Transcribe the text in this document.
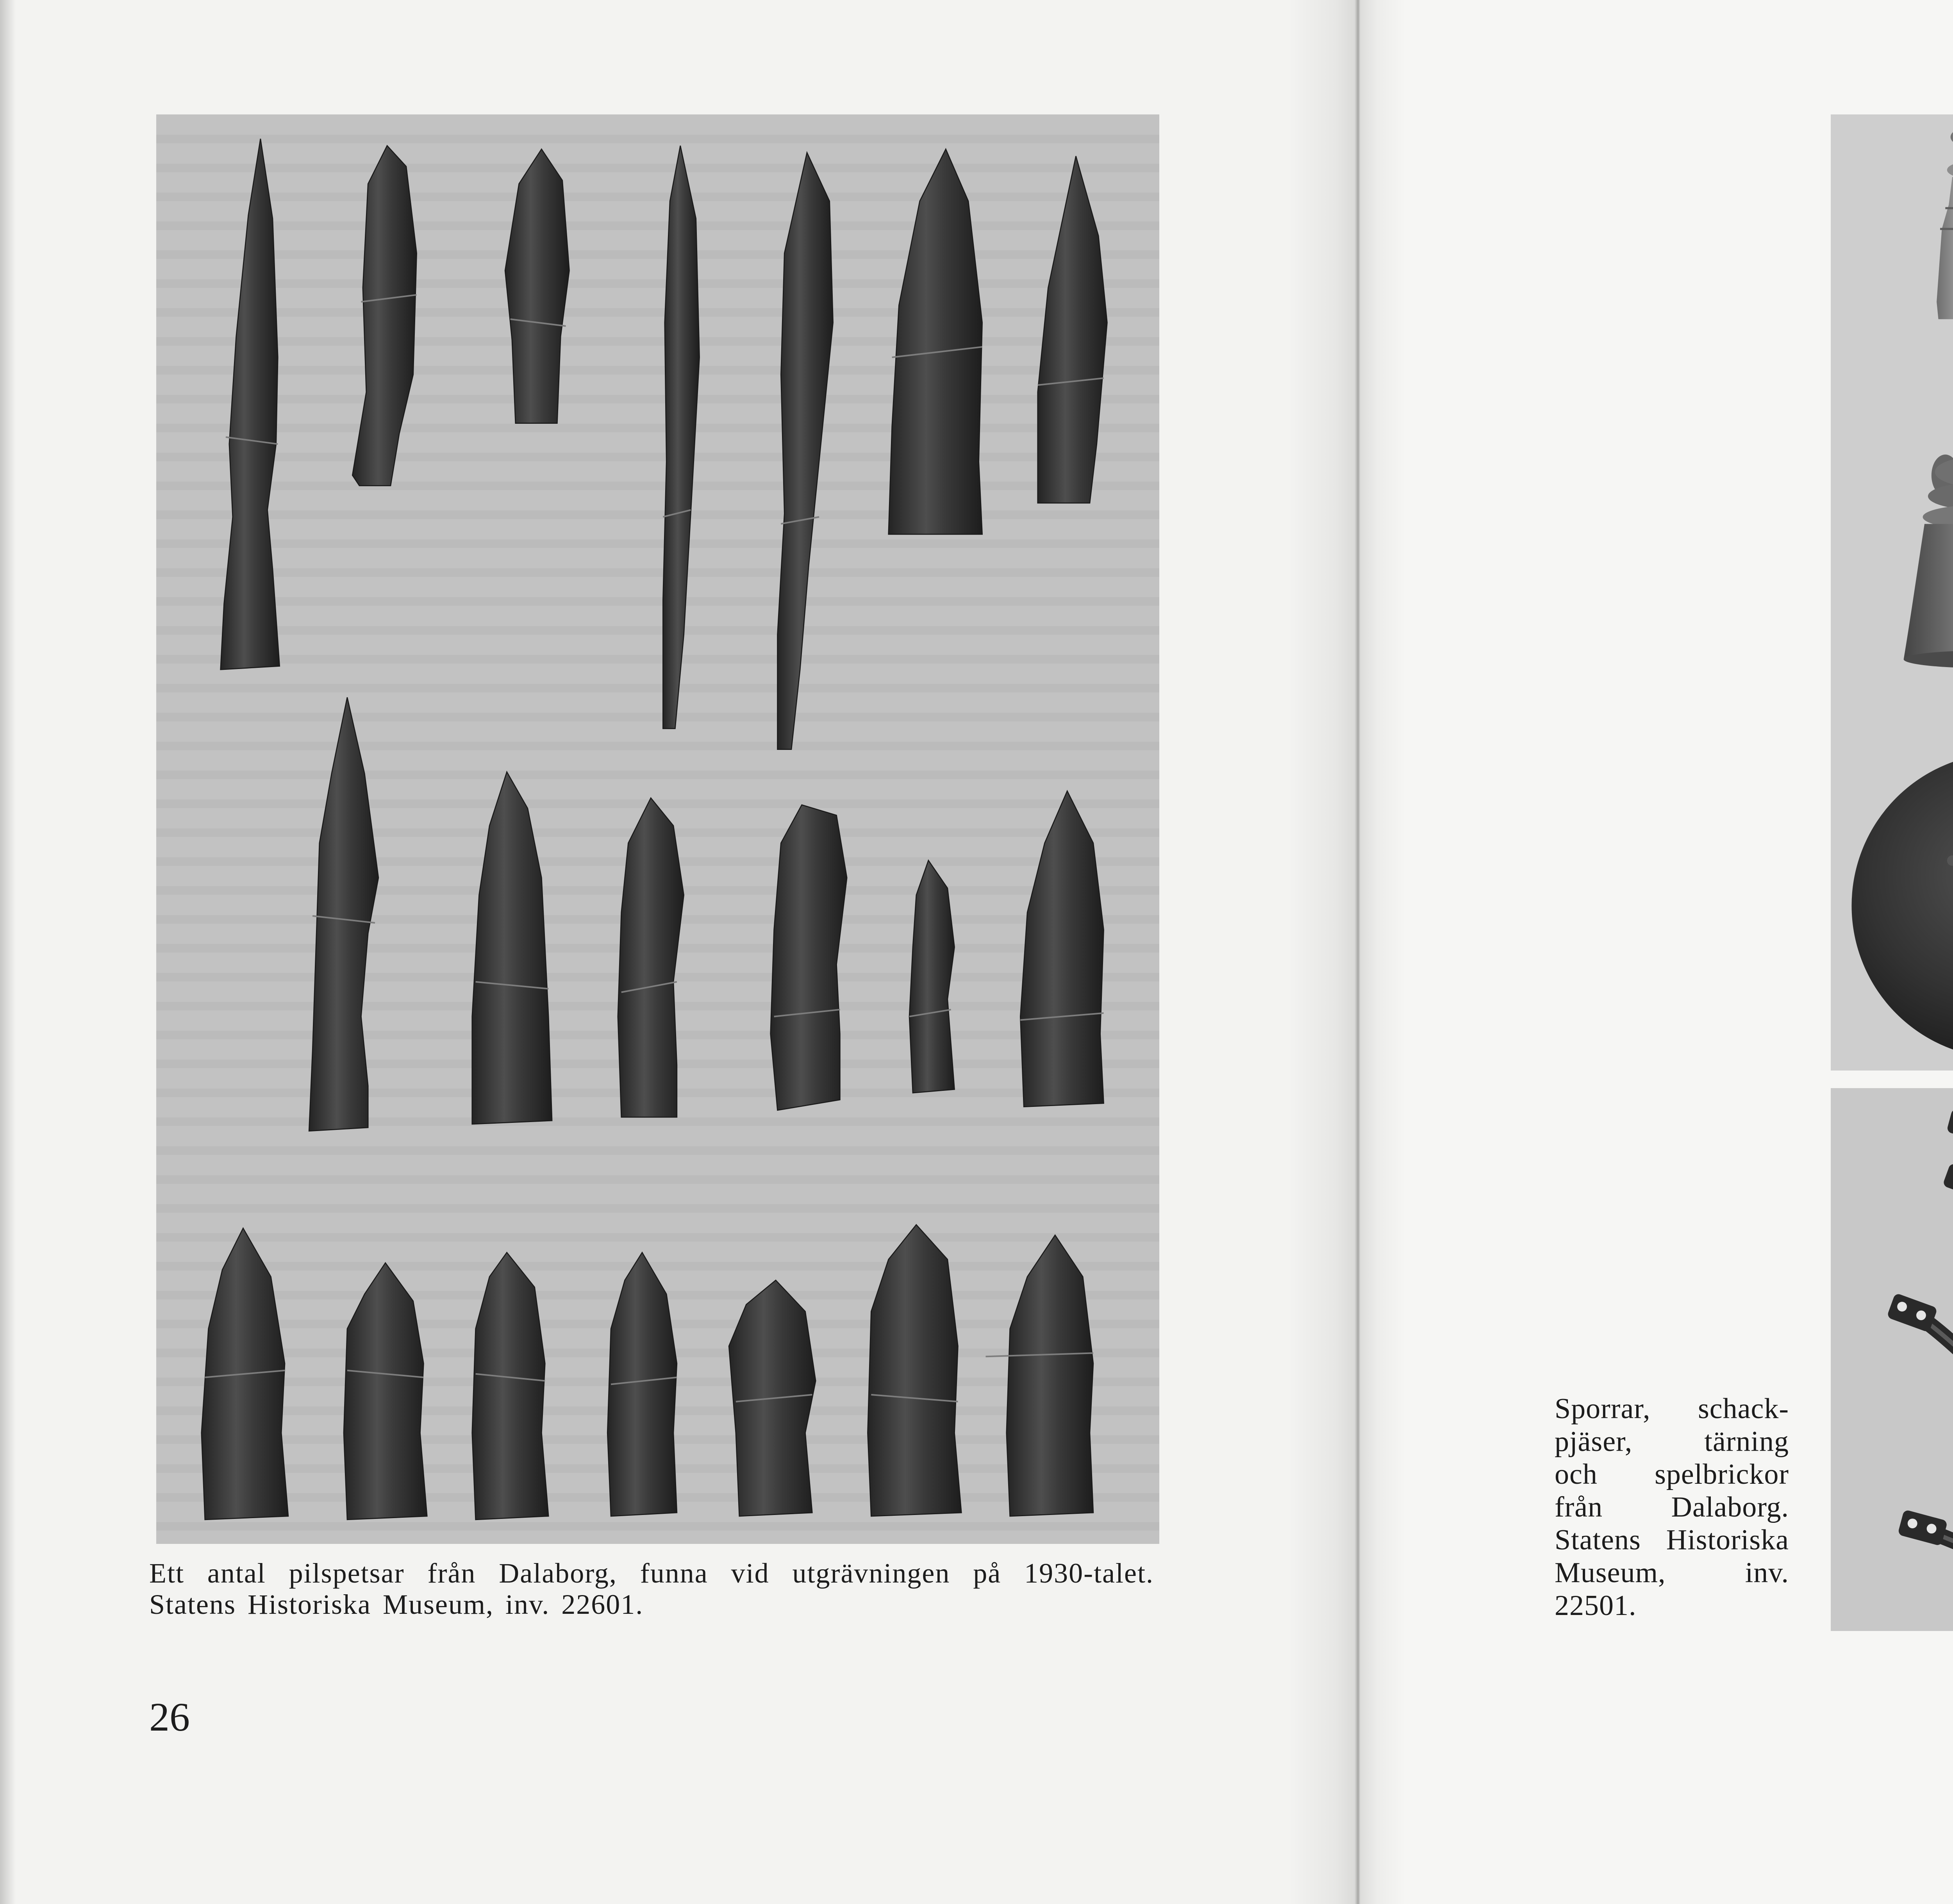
Ett antal pilspetsar från Dalaborg, funna vid utgrävningen på 1930-talet.
Statens Historiska Museum, inv. 22601.
26
Sporrar, schack-
pjäser, tärning
och spelbrickor
från Dalaborg.
Statens Historiska
Museum, inv.
22501.
